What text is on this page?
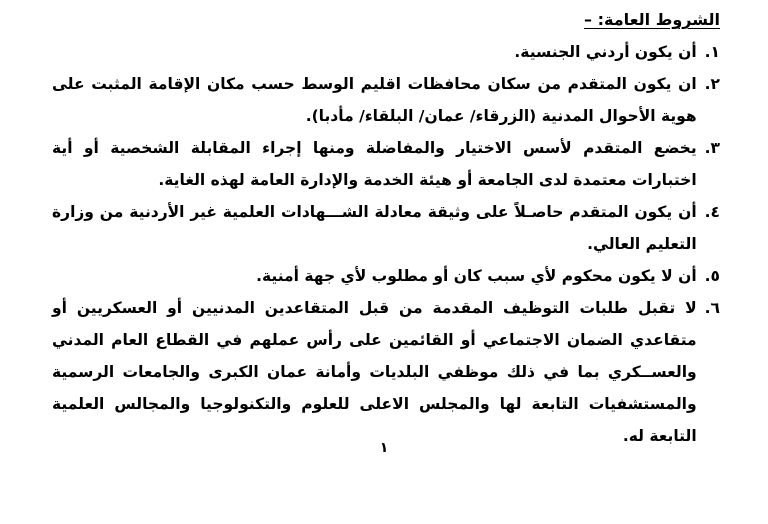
الشروط العامة: –
١.
أن يكون أردني الجنسية.
٢.
ان يكون المتقدم من سكان محافظات اقليم الوسط حسب مكان الإقامة المثبت على هوية الأحوال المدنية (الزرقاء/ عمان/ البلقاء/ مأدبا).
٣.
يخضع المتقدم لأسس الاختيار والمفاضلة ومنها إجراء المقابلة الشخصية أو أية اختبارات معتمدة لدى الجامعة أو هيئة الخدمة والإدارة العامة لهذه الغاية.
٤.
أن يكون المتقدم حاصـلاً على وثيقة معادلة الشـــهادات العلمية غير الأردنية من وزارة التعليم العالي.
٥.
أن لا يكون محكوم لأي سبب كان أو مطلوب لأي جهة أمنية.
٦.
لا تقبل طلبات التوظيف المقدمة من قبل المتقاعدين المدنيين أو العسكريين أو متقاعدي الضمان الاجتماعي أو القائمين على رأس عملهم في القطاع العام المدني والعســكري بما في ذلك موظفي البلديات وأمانة عمان الكبرى والجامعات الرسمية والمستشفيات التابعة لها والمجلس الاعلى للعلوم والتكنولوجيا والمجالس العلمية التابعة له.
١
